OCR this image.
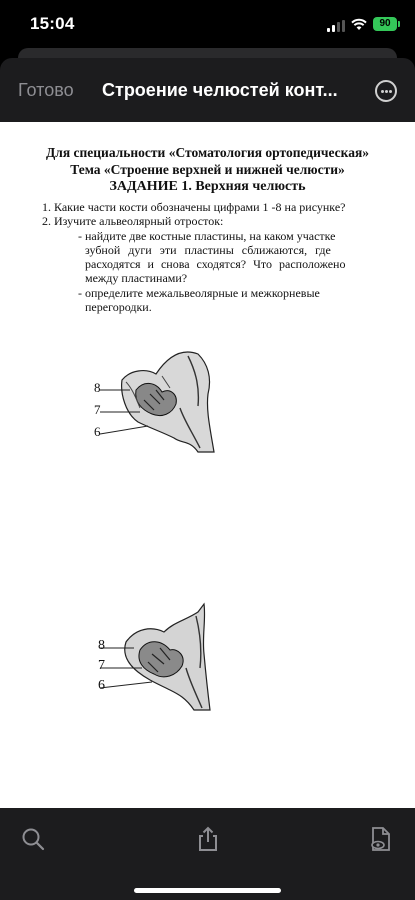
15:04	90
Готово Строение челюстей конт...
Для специальности «Стоматология ортопедическая»
Тема «Строение верхней и нижней челюсти»
ЗАДАНИЕ 1. Верхняя челюсть
1. Какие части кости обозначены цифрами 1 -8 на рисунке?
2. Изучите альвеолярный отросток:
- найдите две костные пластины, на каком участке
зубной дуги эти пластины сближаются, где
расходятся и снова сходятся? Что расположено
между пластинами?
- определите межальвеолярные и межкорневые
перегородки.
8
7
6
8
7
6
